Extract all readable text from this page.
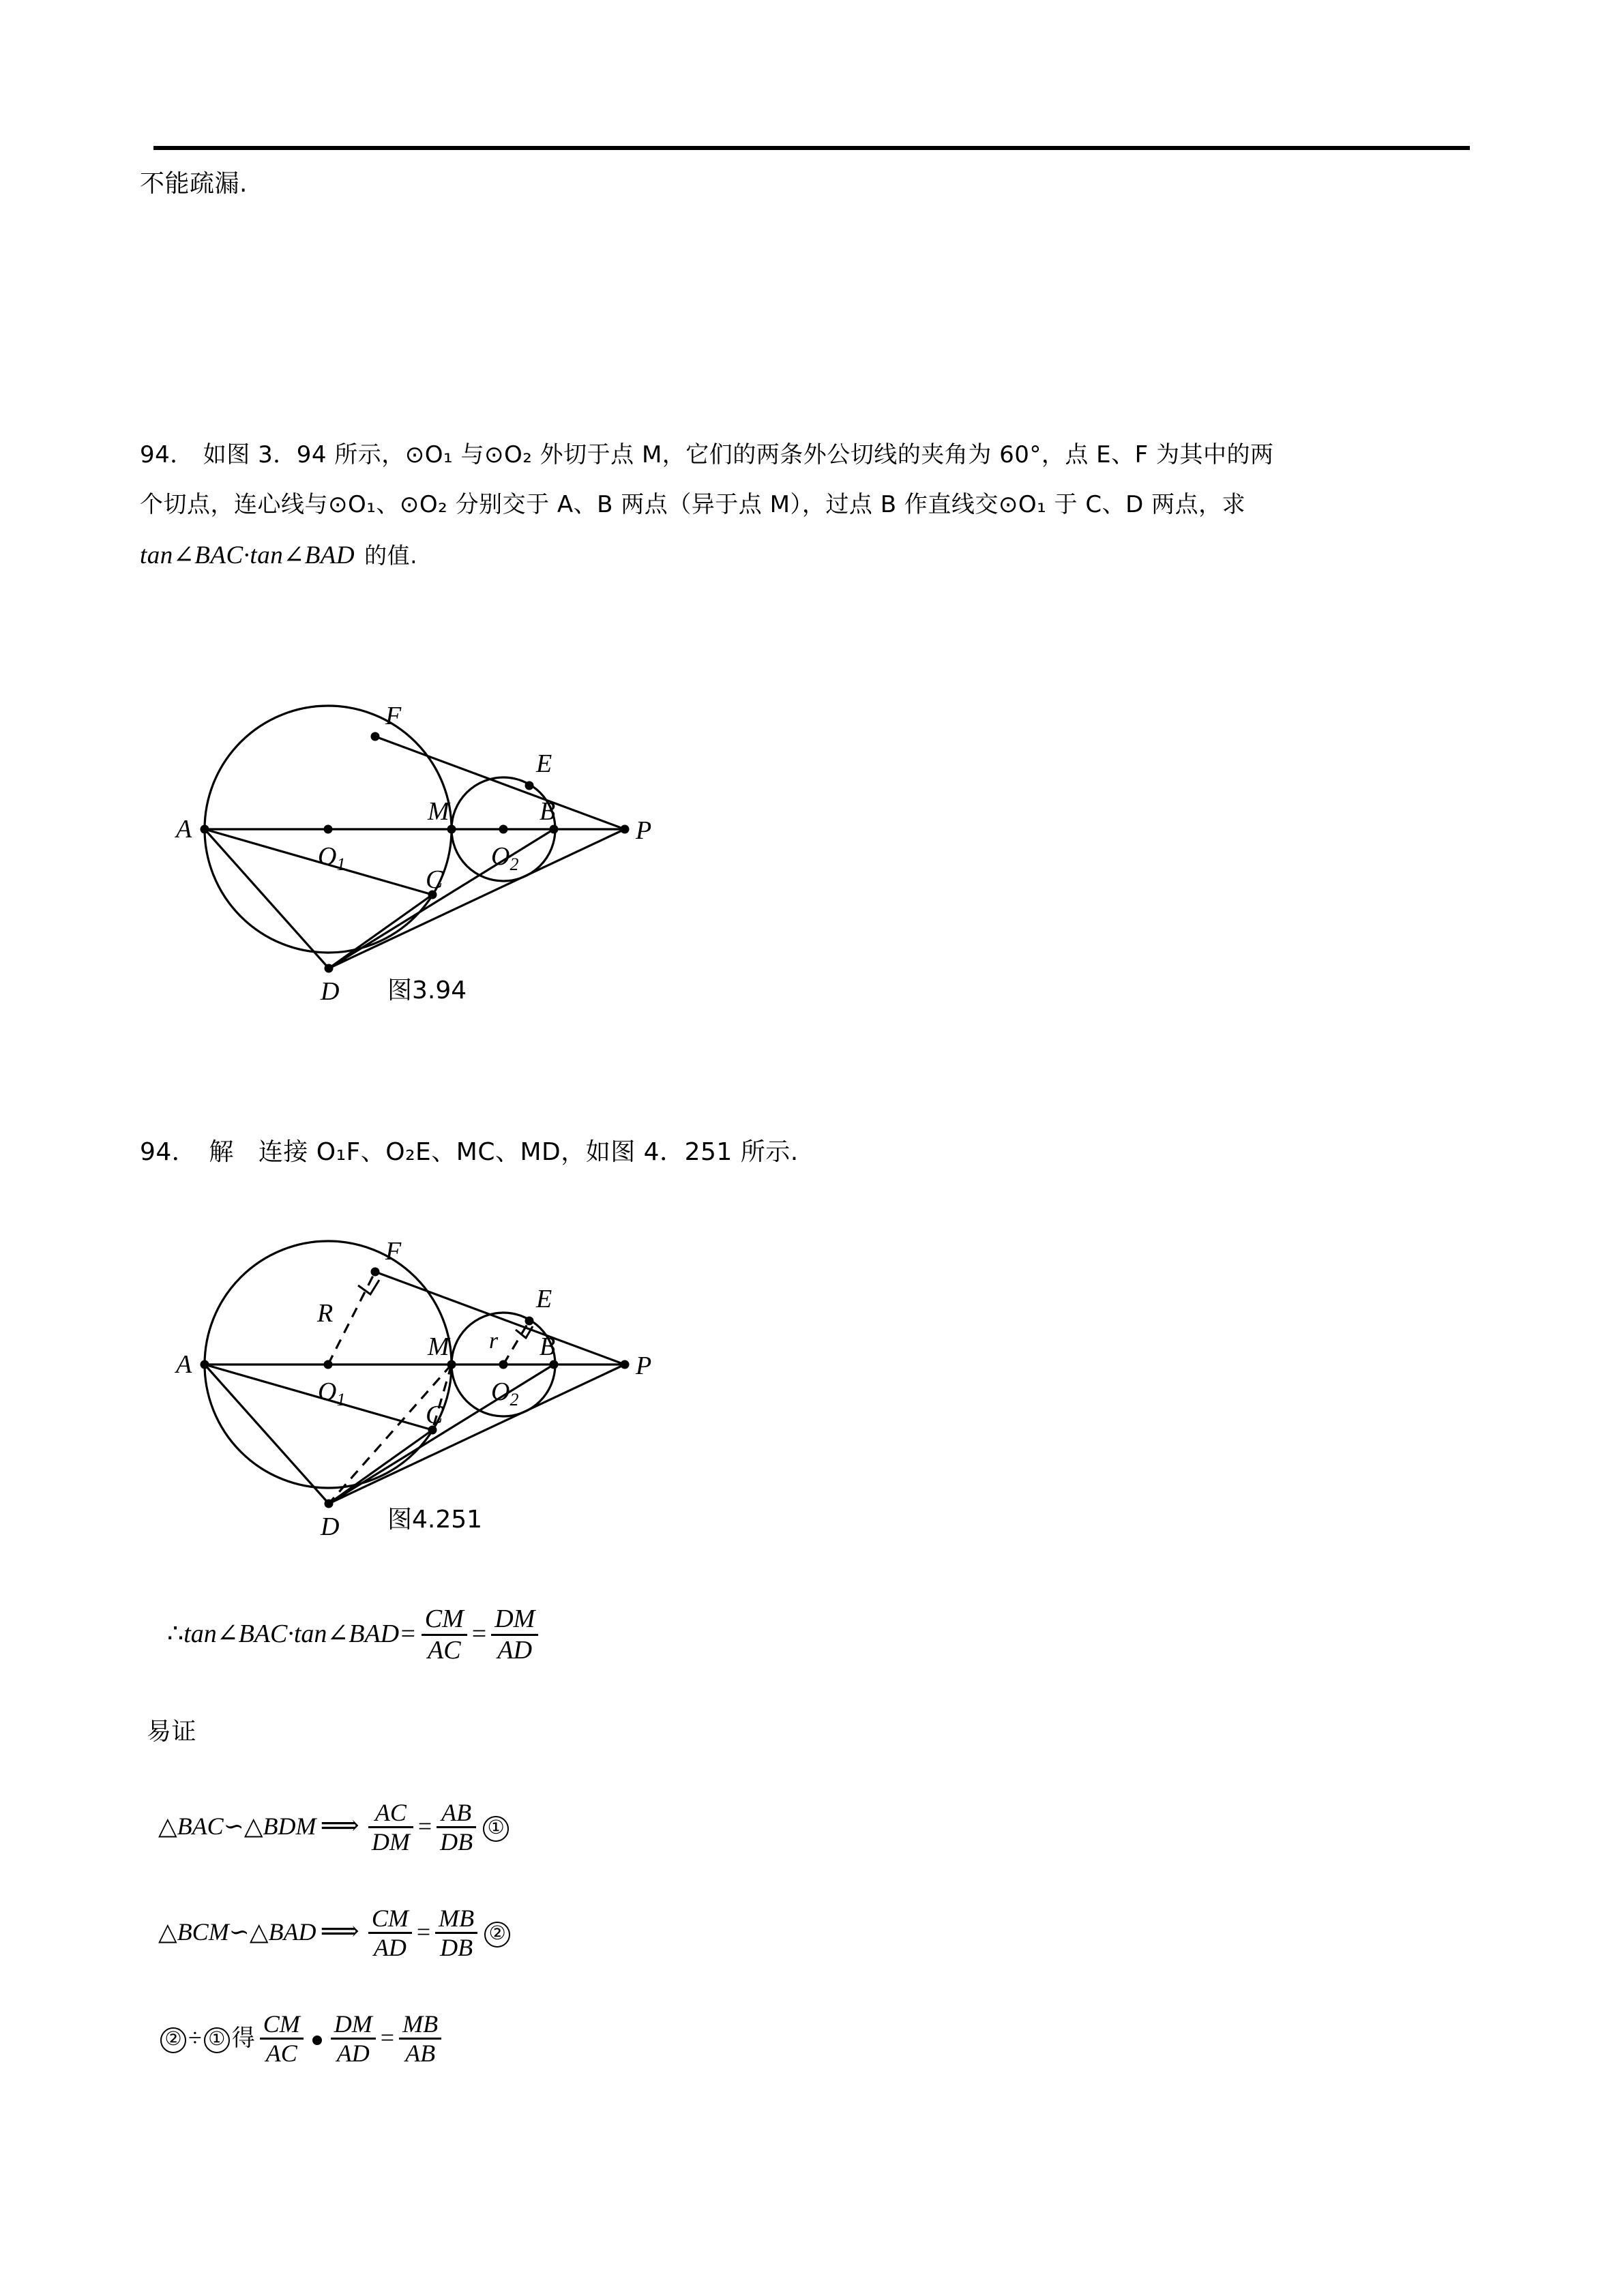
不能疏漏.
94． 如图 3．94 所示，⊙O₁ 与⊙O₂ 外切于点 M，它们的两条外公切线的夹角为 60°，点 E、F 为其中的两
个切点，连心线与⊙O₁、⊙O₂ 分别交于 A、B 两点（异于点 M），过点 B 作直线交⊙O₁ 于 C、D 两点，求
tan∠BAC·tan∠BAD 的值.
A
F
E
M	B
P
C
D
$O_1$	$O_2$
图3.94
94． 解 连接 O₁F、O₂E、MC、MD，如图 4．251 所示.
A
F
E
M	B
P
C
D
$O_1$	$O_2$
R
r
图4.251
∴tan∠BAC·tan∠BAD= $\frac{CM}{AC} = \frac{DM}{AD}$
易证
△BAC∽△BDM ⟹ $\frac{AC}{DM} = \frac{AB}{DB}$ ①
△BCM∽△BAD ⟹ $\frac{CM}{AD} = \frac{MB}{DB}$ ②
② ÷ ① 得 $\frac{CM}{AC} \frac{DM}{AD} = \frac{MB}{AB}$
